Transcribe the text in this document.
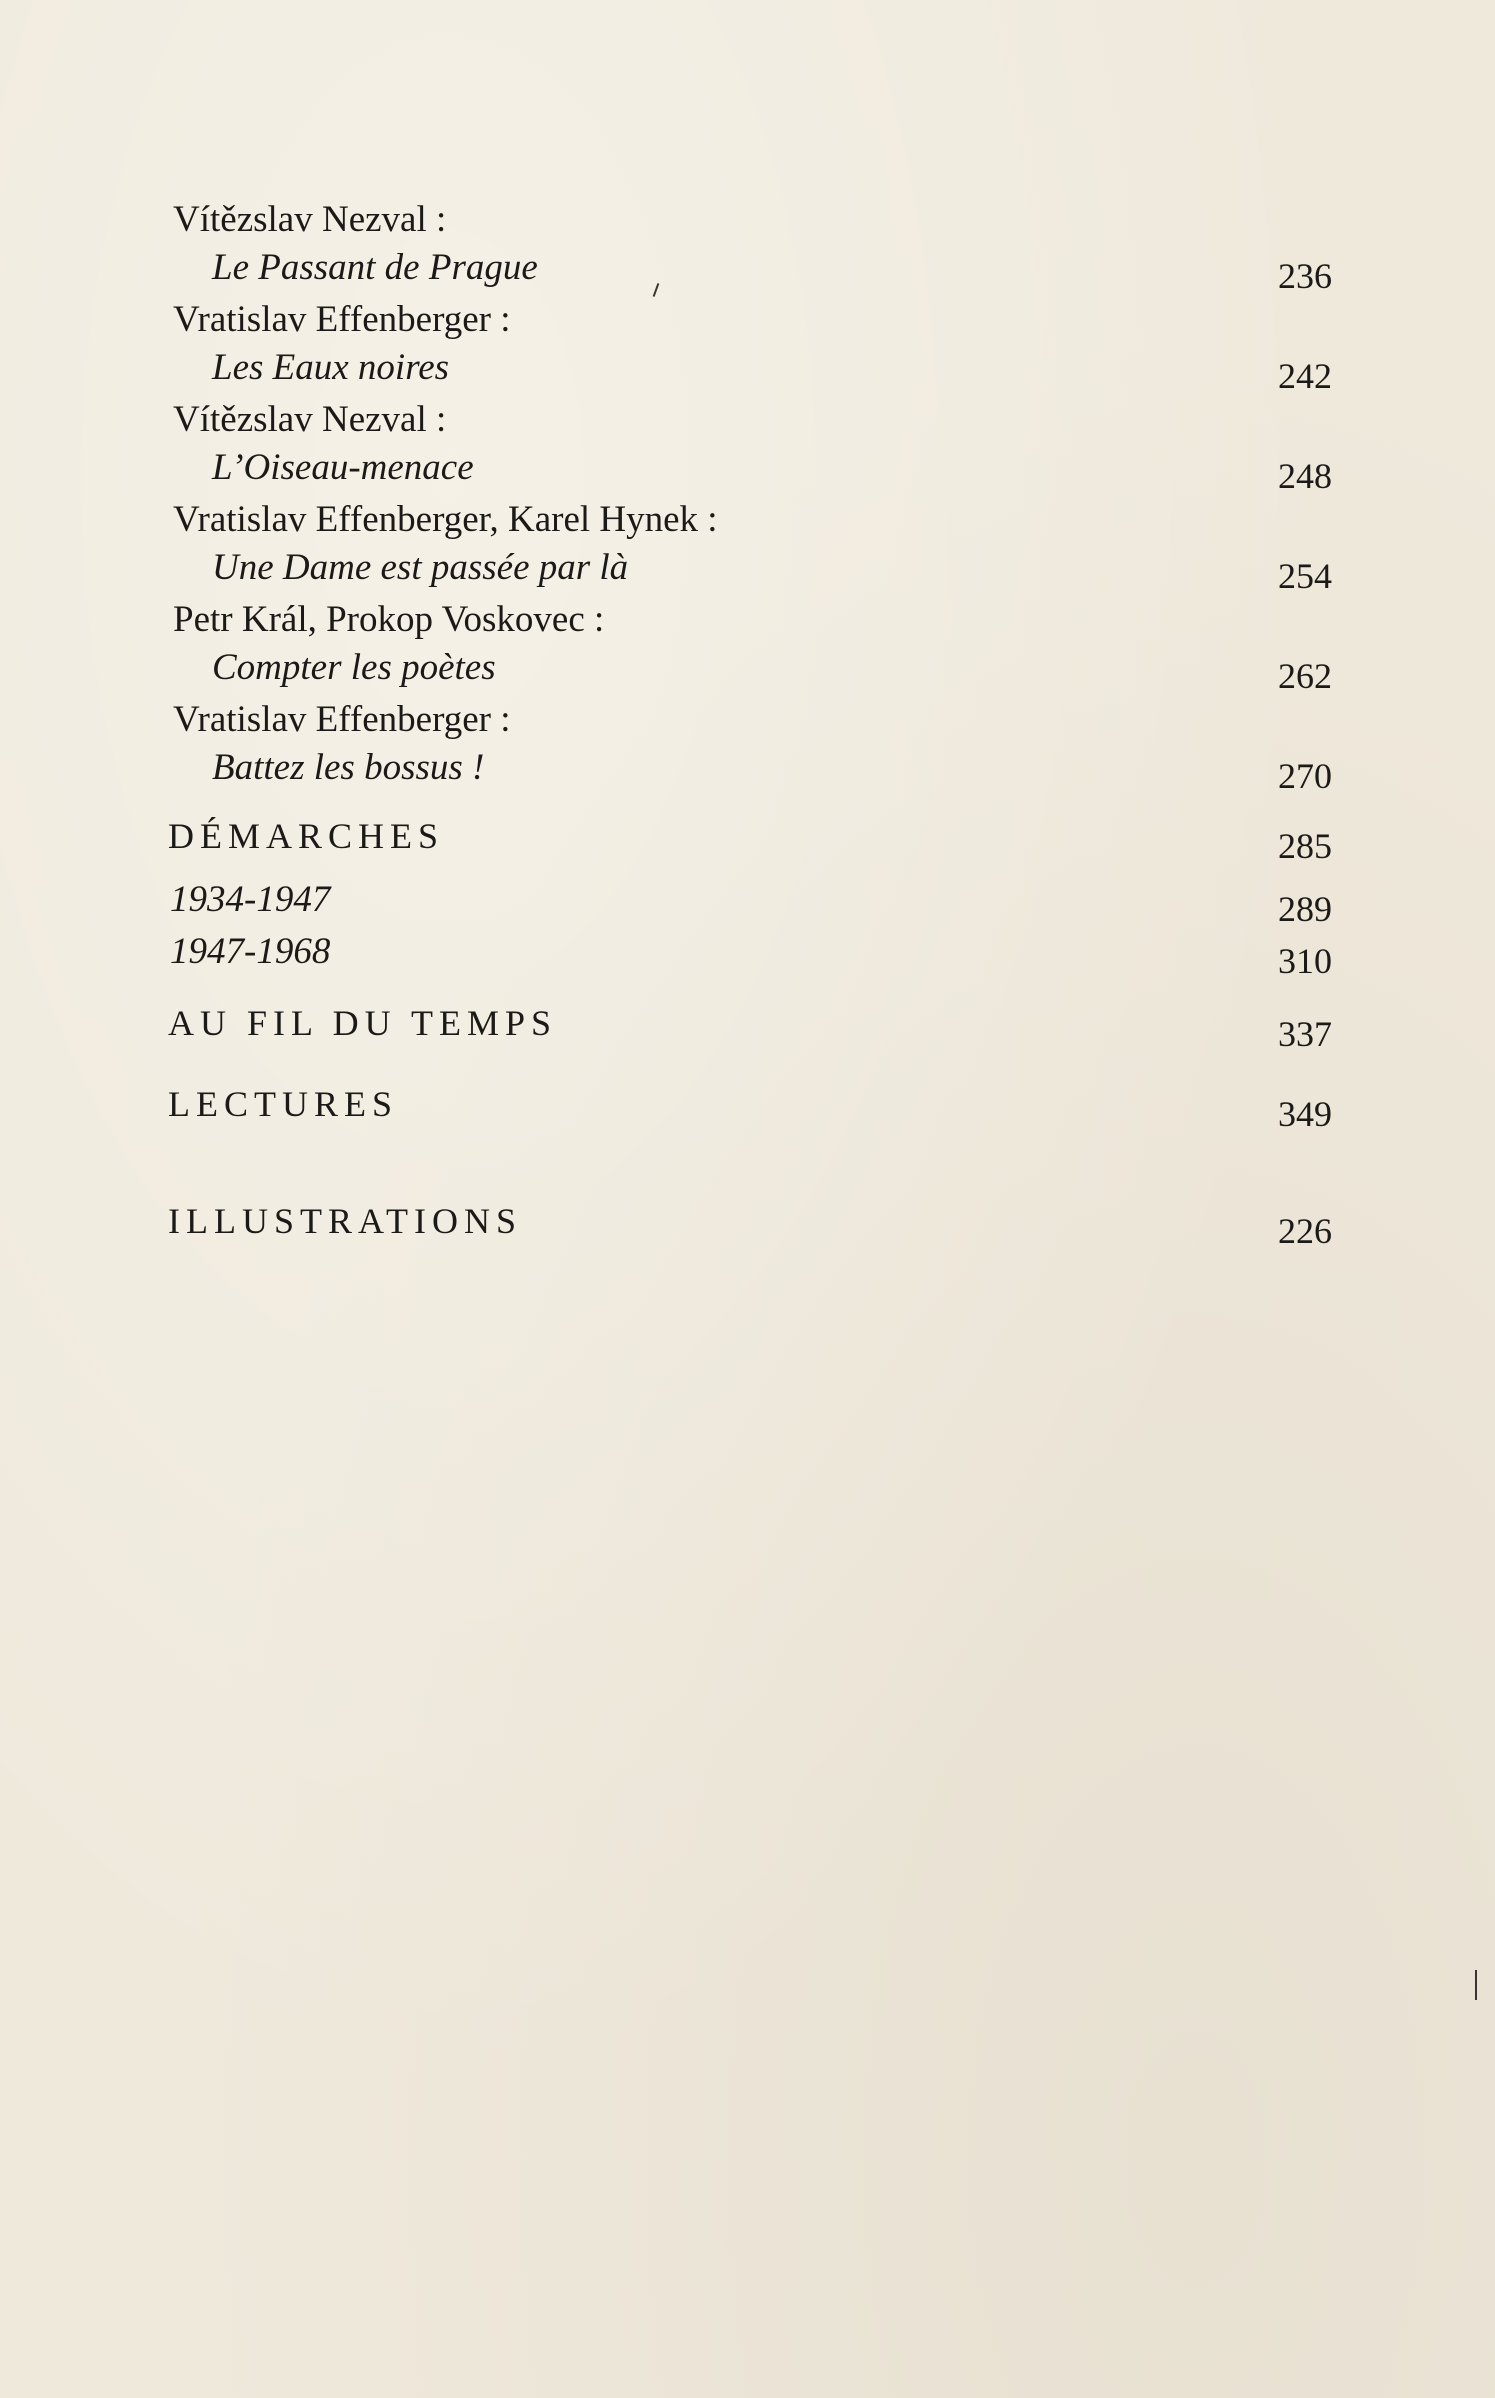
Vítězslav Nezval :
Le Passant de Prague	236
Vratislav Effenberger :
Les Eaux noires	242
Vítězslav Nezval :
L’Oiseau-menace	248
Vratislav Effenberger, Karel Hynek :
Une Dame est passée par là	254
Petr Král, Prokop Voskovec :
Compter les poètes	262
Vratislav Effenberger :
Battez les bossus !	270
DÉMARCHES	285
1934-1947	289
1947-1968	310
AU FIL DU TEMPS	337
LECTURES	349
ILLUSTRATIONS	226
